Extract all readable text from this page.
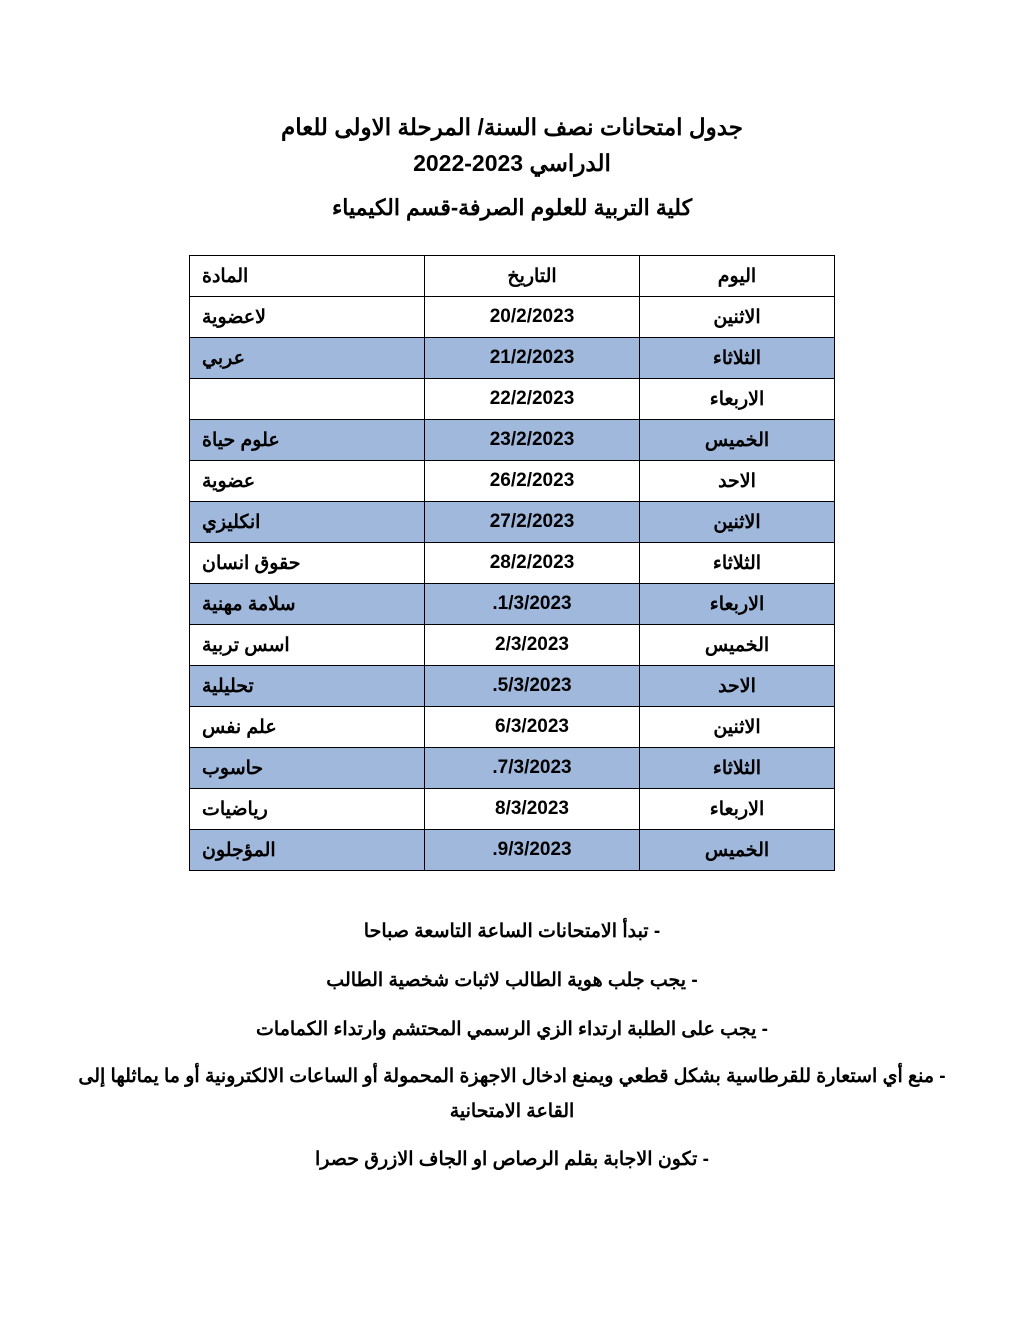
جدول امتحانات نصف السنة/ المرحلة الاولى للعام
الدراسي 2023-2022
كلية التربية للعلوم الصرفة-قسم الكيمياء
اليوم	التاريخ	المادة
الاثنين	20/2/2023	لاعضوية
الثلاثاء	21/2/2023	عربي
الاربعاء	22/2/2023	
الخميس	23/2/2023	علوم حياة
الاحد	26/2/2023	عضوية
الاثنين	27/2/2023	انكليزي
الثلاثاء	28/2/2023	حقوق انسان
الاربعاء	1/3/2023.	سلامة مهنية
الخميس	2/3/2023	اسس تربية
الاحد	5/3/2023.	تحليلية
الاثنين	6/3/2023	علم نفس
الثلاثاء	7/3/2023.	حاسوب
الاربعاء	8/3/2023	رياضيات
الخميس	9/3/2023.	المؤجلون
- تبدأ الامتحانات الساعة التاسعة صباحا
- يجب جلب هوية الطالب لاثبات شخصية الطالب
- يجب على الطلبة ارتداء الزي الرسمي المحتشم وارتداء الكمامات
- منع أي استعارة للقرطاسية بشكل قطعي ويمنع ادخال الاجهزة المحمولة أو الساعات الالكترونية أو ما يماثلها إلى القاعة الامتحانية
- تكون الاجابة بقلم الرصاص او الجاف الازرق حصرا
